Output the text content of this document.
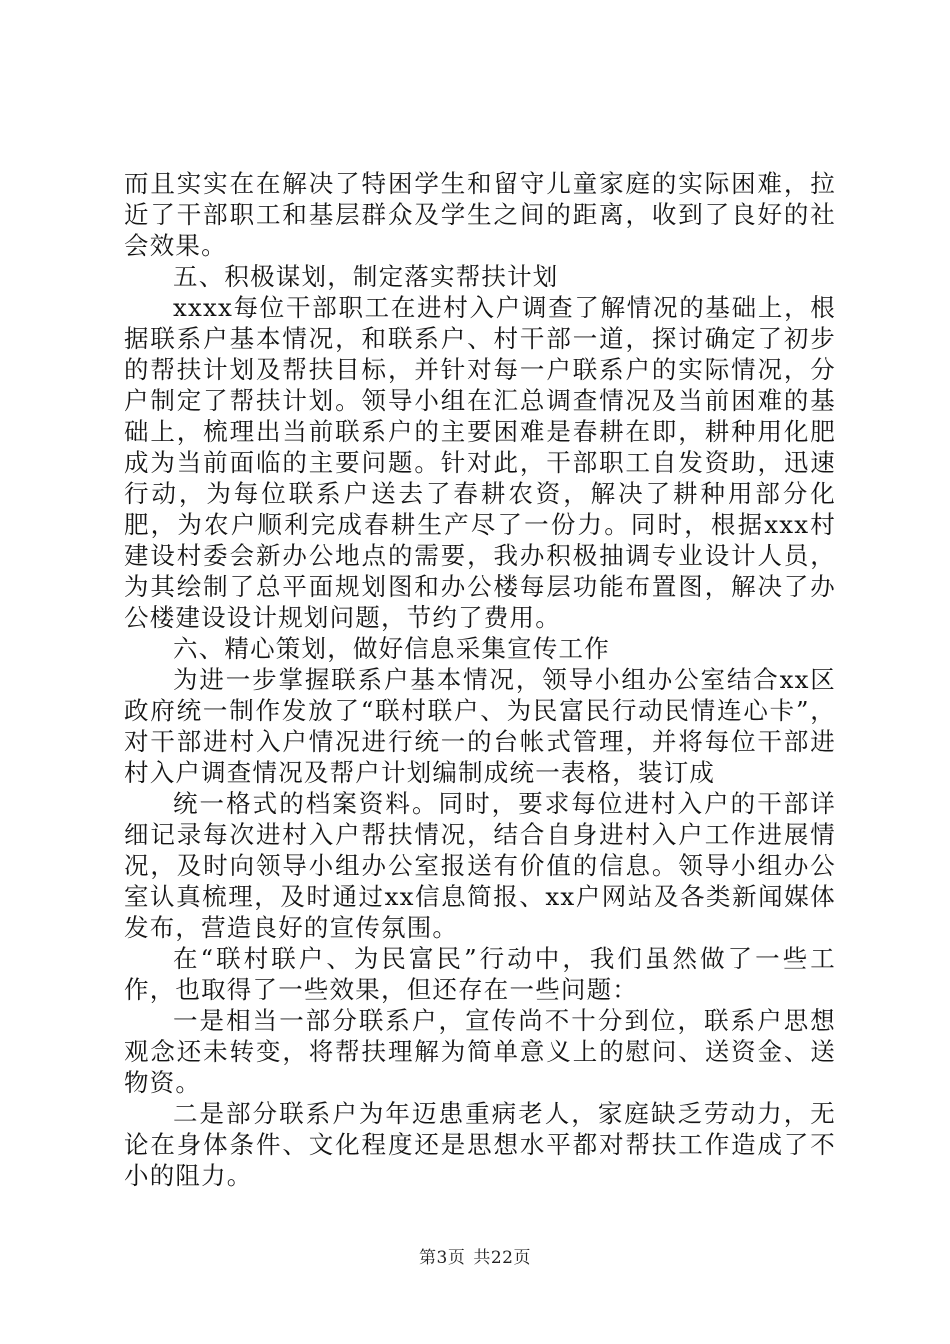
而且实实在在解决了特困学生和留守儿童家庭的实际困难，拉近了干部职工和基层群众及学生之间的距离，收到了良好的社会效果。

五、积极谋划，制定落实帮扶计划

xxxx每位干部职工在进村入户调查了解情况的基础上，根据联系户基本情况，和联系户、村干部一道，探讨确定了初步的帮扶计划及帮扶目标，并针对每一户联系户的实际情况，分户制定了帮扶计划。领导小组在汇总调查情况及当前困难的基础上，梳理出当前联系户的主要困难是春耕在即，耕种用化肥成为当前面临的主要问题。针对此，干部职工自发资助，迅速行动，为每位联系户送去了春耕农资，解决了耕种用部分化肥，为农户顺利完成春耕生产尽了一份力。同时，根据xxx村建设村委会新办公地点的需要，我办积极抽调专业设计人员，为其绘制了总平面规划图和办公楼每层功能布置图，解决了办公楼建设设计规划问题，节约了费用。

六、精心策划，做好信息采集宣传工作

为进一步掌握联系户基本情况，领导小组办公室结合xx区政府统一制作发放了“联村联户、为民富民行动民情连心卡”，对干部进村入户情况进行统一的台帐式管理，并将每位干部进村入户调查情况及帮户计划编制成统一表格，装订成

统一格式的档案资料。同时，要求每位进村入户的干部详细记录每次进村入户帮扶情况，结合自身进村入户工作进展情况，及时向领导小组办公室报送有价值的信息。领导小组办公室认真梳理，及时通过xx信息简报、xx户网站及各类新闻媒体发布，营造良好的宣传氛围。

在“联村联户、为民富民”行动中，我们虽然做了一些工作，也取得了一些效果，但还存在一些问题：

一是相当一部分联系户，宣传尚不十分到位，联系户思想观念还未转变，将帮扶理解为简单意义上的慰问、送资金、送物资。

二是部分联系户为年迈患重病老人，家庭缺乏劳动力，无论在身体条件、文化程度还是思想水平都对帮扶工作造成了不小的阻力。

第3页 共22页
